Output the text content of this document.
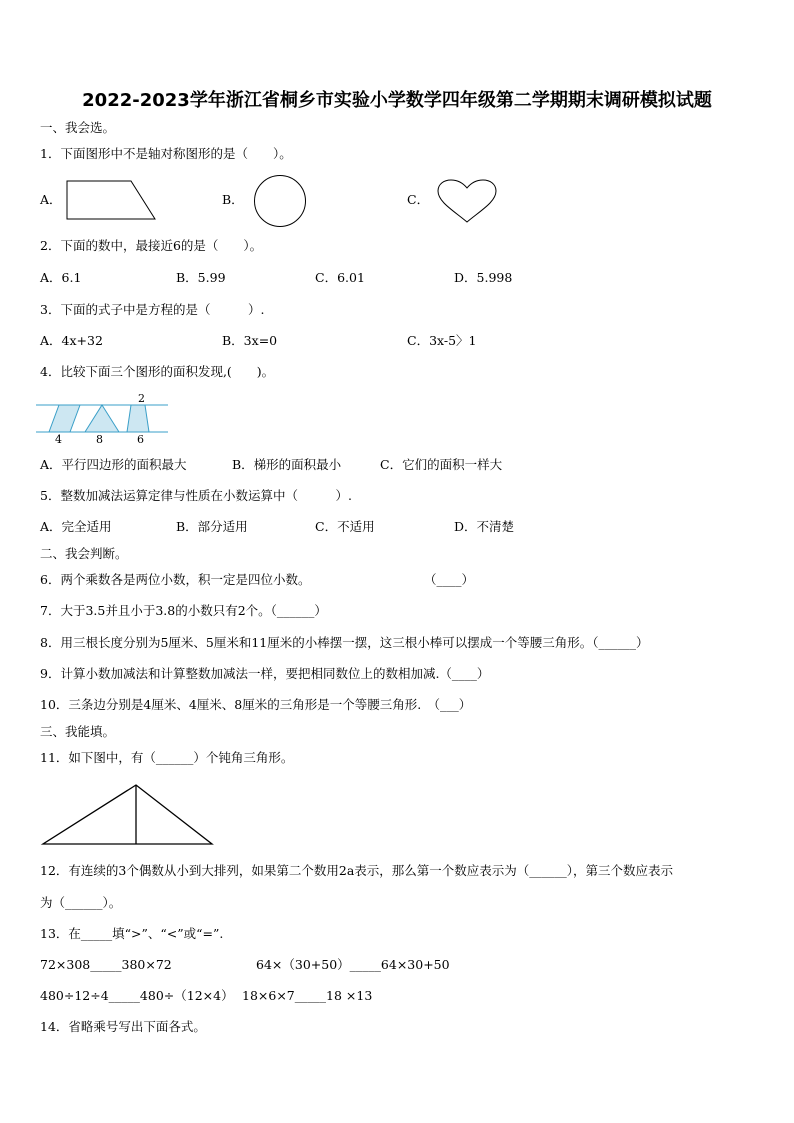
2022-2023学年浙江省桐乡市实验小学数学四年级第二学期期末调研模拟试题
一、我会选。
1．下面图形中不是轴对称图形的是（　　）。
A．	B．	C．
2．下面的数中，最接近6的是（　　）。
A．6.1	B．5.99	C．6.01	D．5.998
3．下面的式子中是方程的是（　　　）.
A．4x+32	B．3x=0	C．3x-5〉1
4．比较下面三个图形的面积发现,(　　)。
2
4	8	6
A．平行四边形的面积最大	B．梯形的面积最小	C．它们的面积一样大
5．整数加减法运算定律与性质在小数运算中（　　　）.
A．完全适用	B．部分适用	C．不适用	D．不清楚
二、我会判断。
6．两个乘数各是两位小数，积一定是四位小数。	（____）
7．大于3.5并且小于3.8的小数只有2个。（______）
8．用三根长度分别为5厘米、5厘米和11厘米的小棒摆一摆，这三根小棒可以摆成一个等腰三角形。（______）
9．计算小数加减法和计算整数加减法一样，要把相同数位上的数相加减.（____）
10．三条边分别是4厘米、4厘米、8厘米的三角形是一个等腰三角形.　（___）
三、我能填。
11．如下图中，有（______）个钝角三角形。
12．有连续的3个偶数从小到大排列，如果第二个数用2a表示，那么第一个数应表示为（______），第三个数应表示
为（______）。
13．在_____填“>”、“<”或“=”.
72×308_____380×72	64×（30+50）_____64×30+50
480÷12÷4_____480÷（12×4） 18×6×7_____18 ×13
14．省略乘号写出下面各式。
